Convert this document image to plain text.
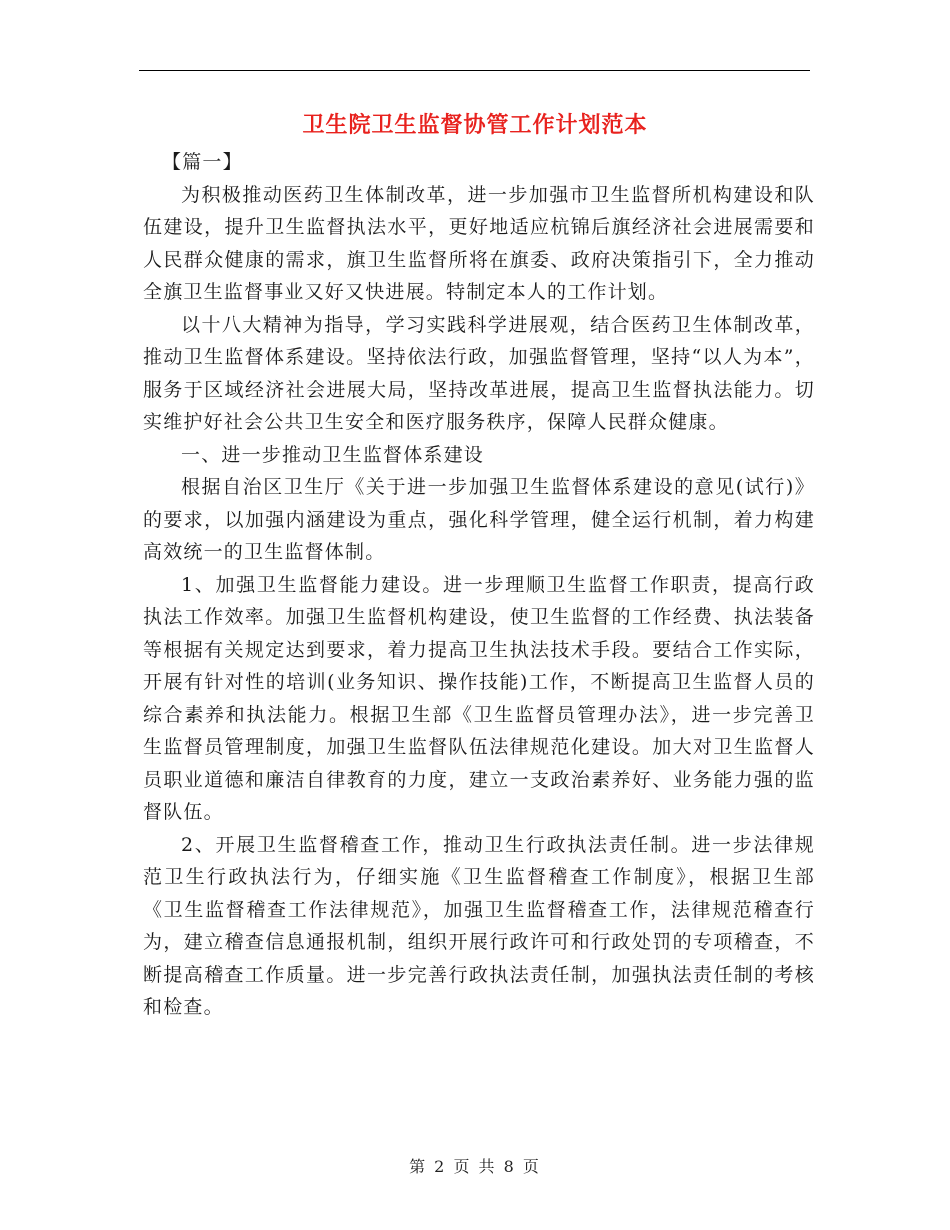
卫生院卫生监督协管工作计划范本

【篇一】

为积极推动医药卫生体制改革，进一步加强市卫生监督所机构建设和队伍建设，提升卫生监督执法水平，更好地适应杭锦后旗经济社会进展需要和人民群众健康的需求，旗卫生监督所将在旗委、政府决策指引下，全力推动全旗卫生监督事业又好又快进展。特制定本人的工作计划。

以十八大精神为指导，学习实践科学进展观，结合医药卫生体制改革，推动卫生监督体系建设。坚持依法行政，加强监督管理，坚持“以人为本”，服务于区域经济社会进展大局，坚持改革进展，提高卫生监督执法能力。切实维护好社会公共卫生安全和医疗服务秩序，保障人民群众健康。

一、进一步推动卫生监督体系建设

根据自治区卫生厅《关于进一步加强卫生监督体系建设的意见(试行)》的要求，以加强内涵建设为重点，强化科学管理，健全运行机制，着力构建高效统一的卫生监督体制。

1、加强卫生监督能力建设。进一步理顺卫生监督工作职责，提高行政执法工作效率。加强卫生监督机构建设，使卫生监督的工作经费、执法装备等根据有关规定达到要求，着力提高卫生执法技术手段。要结合工作实际，开展有针对性的培训(业务知识、操作技能)工作，不断提高卫生监督人员的综合素养和执法能力。根据卫生部《卫生监督员管理办法》，进一步完善卫生监督员管理制度，加强卫生监督队伍法律规范化建设。加大对卫生监督人员职业道德和廉洁自律教育的力度，建立一支政治素养好、业务能力强的监督队伍。

2、开展卫生监督稽查工作，推动卫生行政执法责任制。进一步法律规范卫生行政执法行为，仔细实施《卫生监督稽查工作制度》，根据卫生部《卫生监督稽查工作法律规范》，加强卫生监督稽查工作，法律规范稽查行为，建立稽查信息通报机制，组织开展行政许可和行政处罚的专项稽查，不断提高稽查工作质量。进一步完善行政执法责任制，加强执法责任制的考核和检查。

第 2 页 共 8 页
